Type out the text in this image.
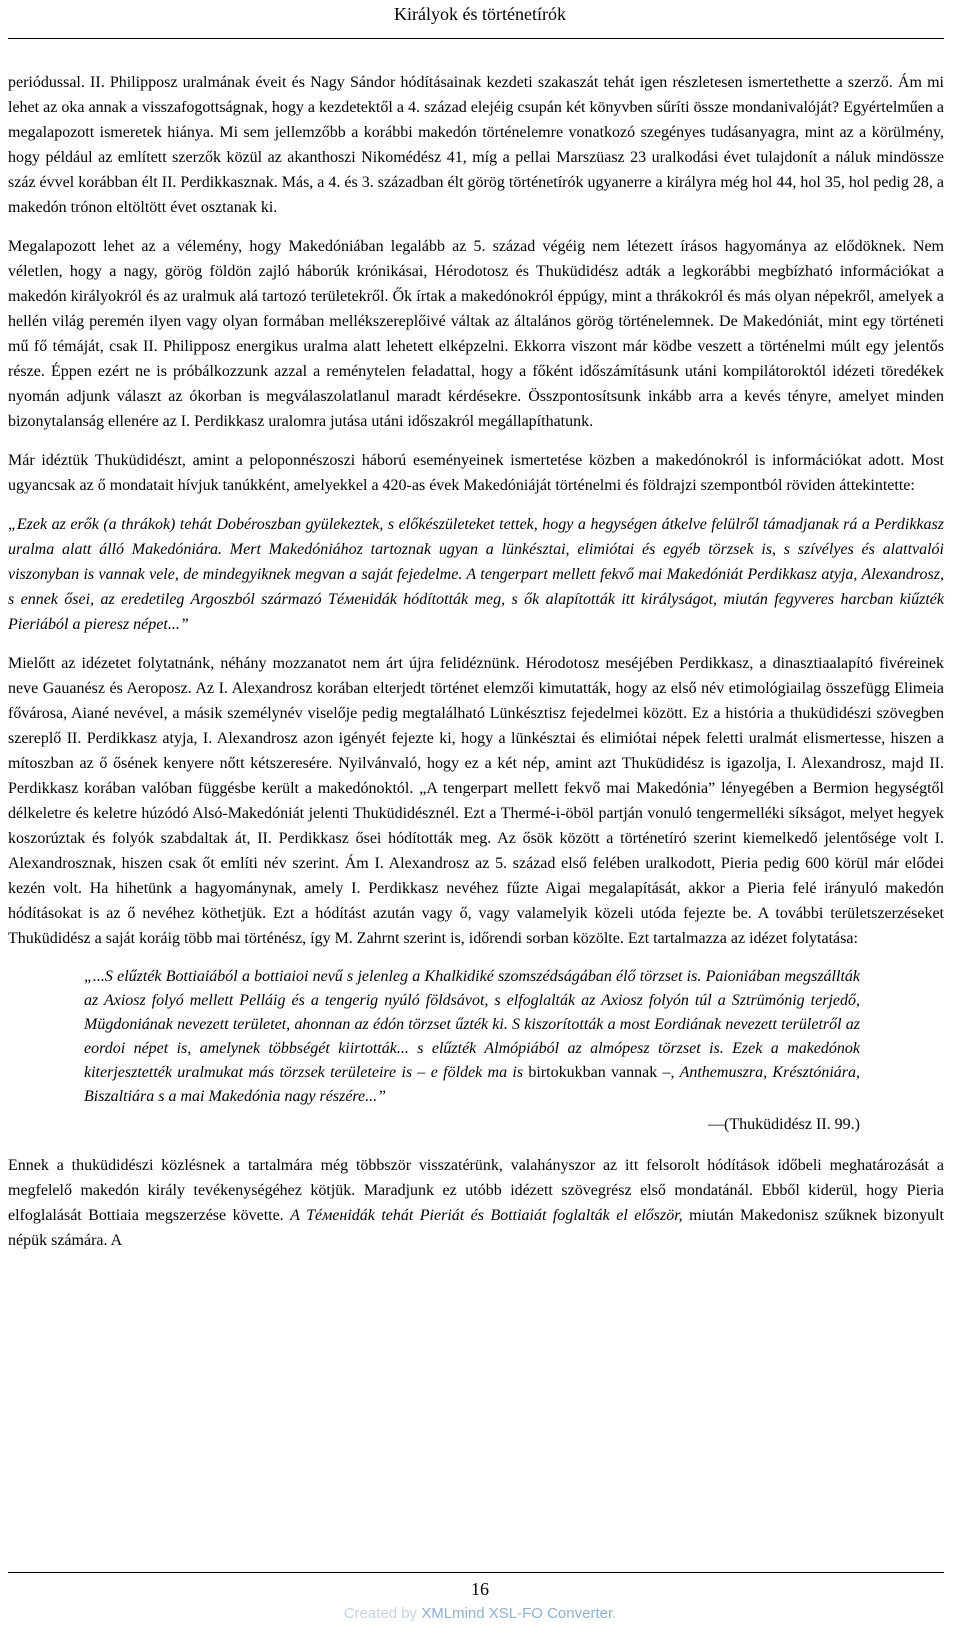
Királyok és történetírók

periódussal. II. Philipposz uralmának éveit és Nagy Sándor hódításainak kezdeti szakaszát tehát igen részletesen ismertethette a szerző. Ám mi lehet az oka annak a visszafogottságnak, hogy a kezdetektől a 4. század elejéig csupán két könyvben sűríti össze mondanivalóját? Egyértelműen a megalapozott ismeretek hiánya. Mi sem jellemzőbb a korábbi makedón történelemre vonatkozó szegényes tudásanyagra, mint az a körülmény, hogy például az említett szerzők közül az akanthoszi Nikomédész 41, míg a pellai Marszüasz 23 uralkodási évet tulajdonít a náluk mindössze száz évvel korábban élt II. Perdikkasznak. Más, a 4. és 3. században élt görög történetírók ugyanerre a királyra még hol 44, hol 35, hol pedig 28, a makedón trónon eltöltött évet osztanak ki.

Megalapozott lehet az a vélemény, hogy Makedóniában legalább az 5. század végéig nem létezett írásos hagyománya az elődöknek. Nem véletlen, hogy a nagy, görög földön zajló háborúk krónikásai, Hérodotosz és Thuküdidész adták a legkorábbi megbízható információkat a makedón királyokról és az uralmuk alá tartozó területekről. Ők írtak a makedónokról éppúgy, mint a thrákokról és más olyan népekről, amelyek a hellén világ peremén ilyen vagy olyan formában mellékszereplőivé váltak az általános görög történelemnek. De Makedóniát, mint egy történeti mű fő témáját, csak II. Philipposz energikus uralma alatt lehetett elképzelni. Ekkorra viszont már ködbe veszett a történelmi múlt egy jelentős része. Éppen ezért ne is próbálkozzunk azzal a reménytelen feladattal, hogy a főként időszámításunk utáni kompilátoroktól idézeti töredékek nyomán adjunk választ az ókorban is megválaszolatlanul maradt kérdésekre. Összpontosítsunk inkább arra a kevés tényre, amelyet minden bizonytalanság ellenére az I. Perdikkasz uralomra jutása utáni időszakról megállapíthatunk.

Már idéztük Thuküdidészt, amint a peloponnészoszi háború eseményeinek ismertetése közben a makedónokról is információkat adott. Most ugyancsak az ő mondatait hívjuk tanúkként, amelyekkel a 420-as évek Makedóniáját történelmi és földrajzi szempontból röviden áttekintette:

„Ezek az erők (a thrákok) tehát Dobéroszban gyülekeztek, s előkészületeket tettek, hogy a hegységen átkelve felülről támadjanak rá a Perdikkasz uralma alatt álló Makedóniára. Mert Makedóniához tartoznak ugyan a lünkésztai, elimiótai és egyéb törzsek is, s szívélyes és alattvalói viszonyban is vannak vele, de mindegyiknek megvan a saját fejedelme. A tengerpart mellett fekvő mai Makedóniát Perdikkasz atyja, Alexandrosz, s ennek ősei, az eredetileg Argoszból származó Téменidák hódították meg, s ők alapították itt királyságot, miután fegyveres harcban kiűzték Pieriából a pieresz népet...”

Mielőtt az idézetet folytatnánk, néhány mozzanatot nem árt újra felidéznünk. Hérodotosz meséjében Perdikkasz, a dinasztiaalapító fivéreinek neve Gauanész és Aeroposz. Az I. Alexandrosz korában elterjedt történet elemzői kimutatták, hogy az első név etimológiailag összefügg Elimeia fővárosa, Aiané nevével, a másik személynév viselője pedig megtalálható Lünkésztisz fejedelmei között. Ez a história a thuküdidészi szövegben szereplő II. Perdikkasz atyja, I. Alexandrosz azon igényét fejezte ki, hogy a lünkésztai és elimiótai népek feletti uralmát elismertesse, hiszen a mítoszban az ő ősének kenyere nőtt kétszeresére. Nyilvánvaló, hogy ez a két nép, amint azt Thuküdidész is igazolja, I. Alexandrosz, majd II. Perdikkasz korában valóban függésbe került a makedónoktól. „A tengerpart mellett fekvő mai Makedónia” lényegében a Bermion hegységtől délkeletre és keletre húzódó Alsó-Makedóniát jelenti Thuküdidésznél. Ezt a Thermé-i-öböl partján vonuló tengermelléki síkságot, melyet hegyek koszorúztak és folyók szabdaltak át, II. Perdikkasz ősei hódították meg. Az ősök között a történetíró szerint kiemelkedő jelentősége volt I. Alexandrosznak, hiszen csak őt említi név szerint. Ám I. Alexandrosz az 5. század első felében uralkodott, Pieria pedig 600 körül már elődei kezén volt. Ha hihetünk a hagyománynak, amely I. Perdikkasz nevéhez fűzte Aigai megalapítását, akkor a Pieria felé irányuló makedón hódításokat is az ő nevéhez köthetjük. Ezt a hódítást azután vagy ő, vagy valamelyik közeli utóda fejezte be. A további területszerzéseket Thuküdidész a saját koráig több mai történész, így M. Zahrnt szerint is, időrendi sorban közölte. Ezt tartalmazza az idézet folytatása:

„...S elűzték Bottiaiából a bottiaioi nevű s jelenleg a Khalkidiké szomszédságában élő törzset is. Paioniában megszállták az Axiosz folyó mellett Pelláig és a tengerig nyúló földsávot, s elfoglalták az Axiosz folyón túl a Sztrümónig terjedő, Mügdoniának nevezett területet, ahonnan az édón törzset űzték ki. S kiszorították a most Eordiának nevezett területről az eordoi népet is, amelynek többségét kiirtották... s elűzték Almópiából az almópesz törzset is. Ezek a makedónok kiterjesztették uralmukat más törzsek területeire is – e földek ma is birtokukban vannak –, Anthemuszra, Krésztóniára, Biszaltiára s a mai Makedónia nagy részére...”

—(Thuküdidész II. 99.)

Ennek a thuküdidészi közlésnek a tartalmára még többször visszatérünk, valahányszor az itt felsorolt hódítások időbeli meghatározását a megfelelő makedón király tevékenységéhez kötjük. Maradjunk ez utóbb idézett szövegrész első mondatánál. Ebből kiderül, hogy Pieria elfoglalását Bottiaia megszerzése követte. A Téменidák tehát Pieriát és Bottiaiát foglalták el először, miután Makedonisz szűknek bizonyult népük számára. A

16
Created by XMLmind XSL-FO Converter.
